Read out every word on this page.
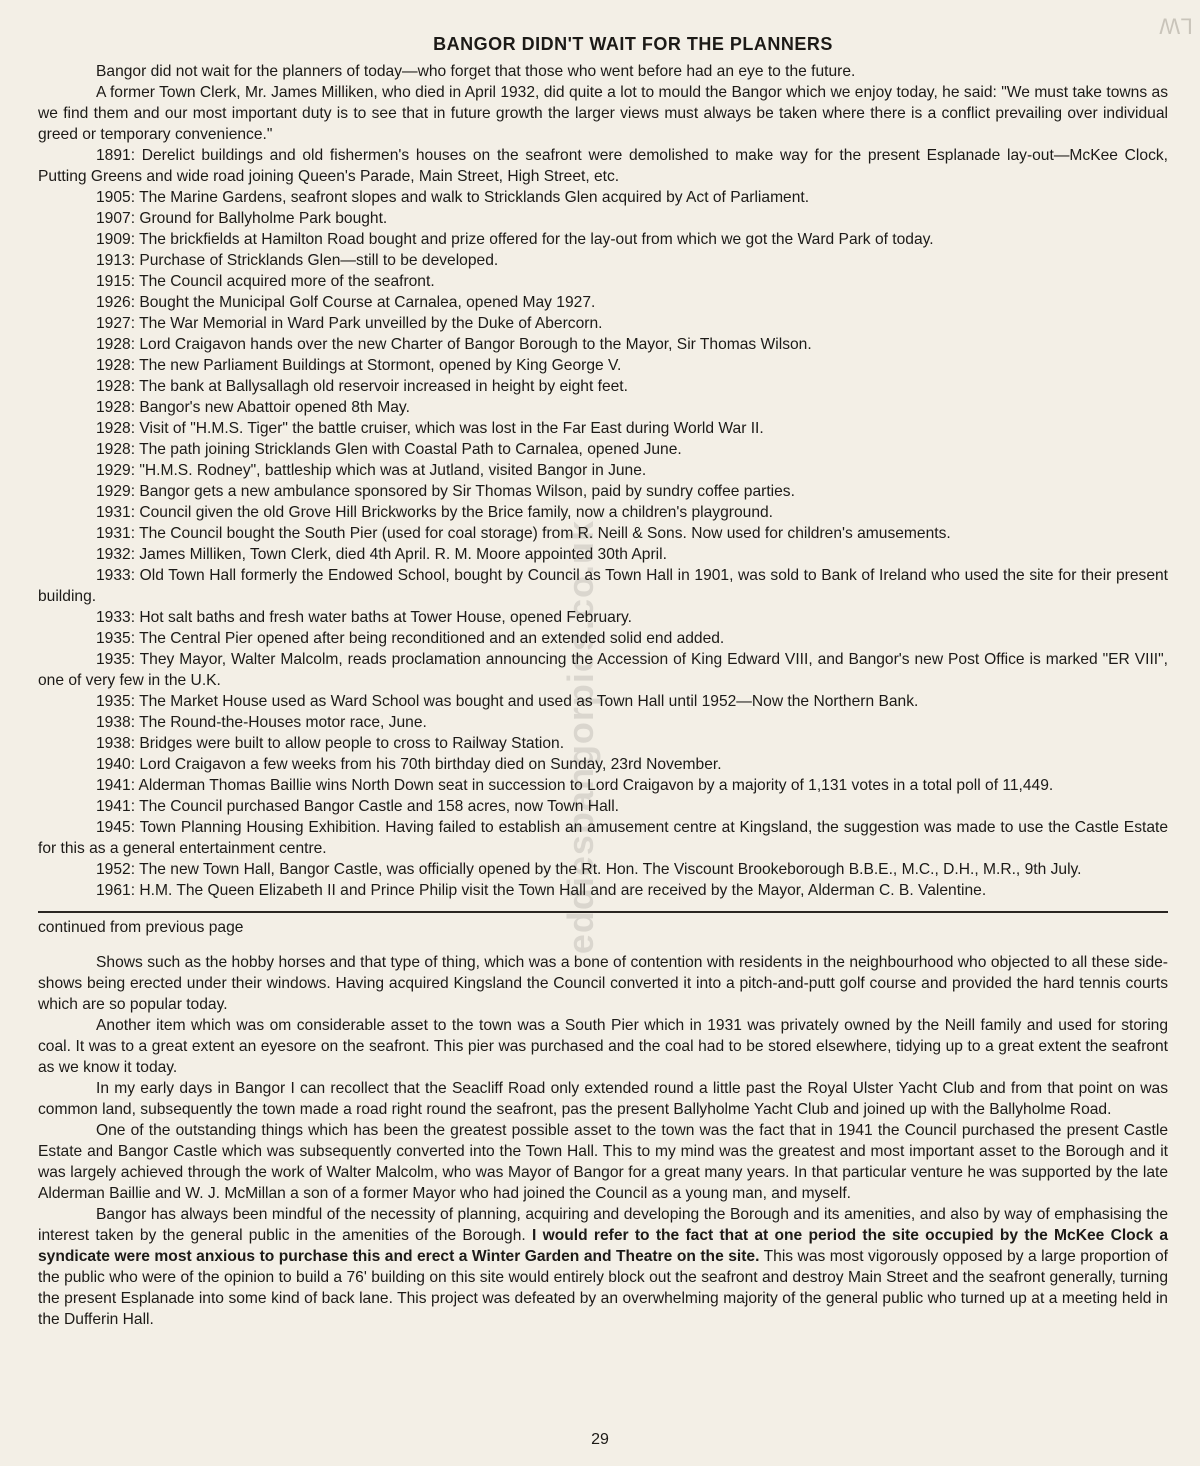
LW
eddiesbangorpics.co.uk
BANGOR DIDN'T WAIT FOR THE PLANNERS

Bangor did not wait for the planners of today—who forget that those who went before had an eye to the future.

A former Town Clerk, Mr. James Milliken, who died in April 1932, did quite a lot to mould the Bangor which we enjoy today, he said: "We must take towns as we find them and our most important duty is to see that in future growth the larger views must always be taken where there is a conflict prevailing over individual greed or temporary convenience."

1891: Derelict buildings and old fishermen's houses on the seafront were demolished to make way for the present Esplanade lay-out—McKee Clock, Putting Greens and wide road joining Queen's Parade, Main Street, High Street, etc.

1905: The Marine Gardens, seafront slopes and walk to Stricklands Glen acquired by Act of Parliament.

1907: Ground for Ballyholme Park bought.

1909: The brickfields at Hamilton Road bought and prize offered for the lay-out from which we got the Ward Park of today.

1913: Purchase of Stricklands Glen—still to be developed.

1915: The Council acquired more of the seafront.

1926: Bought the Municipal Golf Course at Carnalea, opened May 1927.

1927: The War Memorial in Ward Park unveilled by the Duke of Abercorn.

1928: Lord Craigavon hands over the new Charter of Bangor Borough to the Mayor, Sir Thomas Wilson.

1928: The new Parliament Buildings at Stormont, opened by King George V.

1928: The bank at Ballysallagh old reservoir increased in height by eight feet.

1928: Bangor's new Abattoir opened 8th May.

1928: Visit of "H.M.S. Tiger" the battle cruiser, which was lost in the Far East during World War II.

1928: The path joining Stricklands Glen with Coastal Path to Carnalea, opened June.

1929: "H.M.S. Rodney", battleship which was at Jutland, visited Bangor in June.

1929: Bangor gets a new ambulance sponsored by Sir Thomas Wilson, paid by sundry coffee parties.

1931: Council given the old Grove Hill Brickworks by the Brice family, now a children's playground.

1931: The Council bought the South Pier (used for coal storage) from R. Neill & Sons. Now used for children's amusements.

1932: James Milliken, Town Clerk, died 4th April. R. M. Moore appointed 30th April.

1933: Old Town Hall formerly the Endowed School, bought by Council as Town Hall in 1901, was sold to Bank of Ireland who used the site for their present building.

1933: Hot salt baths and fresh water baths at Tower House, opened February.

1935: The Central Pier opened after being reconditioned and an extended solid end added.

1935: They Mayor, Walter Malcolm, reads proclamation announcing the Accession of King Edward VIII, and Bangor's new Post Office is marked "ER VIII", one of very few in the U.K.

1935: The Market House used as Ward School was bought and used as Town Hall until 1952—Now the Northern Bank.

1938: The Round-the-Houses motor race, June.

1938: Bridges were built to allow people to cross to Railway Station.

1940: Lord Craigavon a few weeks from his 70th birthday died on Sunday, 23rd November.

1941: Alderman Thomas Baillie wins North Down seat in succession to Lord Craigavon by a majority of 1,131 votes in a total poll of 11,449.

1941: The Council purchased Bangor Castle and 158 acres, now Town Hall.

1945: Town Planning Housing Exhibition. Having failed to establish an amusement centre at Kingsland, the suggestion was made to use the Castle Estate for this as a general entertainment centre.

1952: The new Town Hall, Bangor Castle, was officially opened by the Rt. Hon. The Viscount Brookeborough B.B.E., M.C., D.H., M.R., 9th July.

1961: H.M. The Queen Elizabeth II and Prince Philip visit the Town Hall and are received by the Mayor, Alderman C. B. Valentine.

continued from previous page

Shows such as the hobby horses and that type of thing, which was a bone of contention with residents in the neighbourhood who objected to all these side-shows being erected under their windows. Having acquired Kingsland the Council converted it into a pitch-and-putt golf course and provided the hard tennis courts which are so popular today.

Another item which was om considerable asset to the town was a South Pier which in 1931 was privately owned by the Neill family and used for storing coal. It was to a great extent an eyesore on the seafront. This pier was purchased and the coal had to be stored elsewhere, tidying up to a great extent the seafront as we know it today.

In my early days in Bangor I can recollect that the Seacliff Road only extended round a little past the Royal Ulster Yacht Club and from that point on was common land, subsequently the town made a road right round the seafront, pas the present Ballyholme Yacht Club and joined up with the Ballyholme Road.

One of the outstanding things which has been the greatest possible asset to the town was the fact that in 1941 the Council purchased the present Castle Estate and Bangor Castle which was subsequently converted into the Town Hall. This to my mind was the greatest and most important asset to the Borough and it was largely achieved through the work of Walter Malcolm, who was Mayor of Bangor for a great many years. In that particular venture he was supported by the late Alderman Baillie and W. J. McMillan a son of a former Mayor who had joined the Council as a young man, and myself.

Bangor has always been mindful of the necessity of planning, acquiring and developing the Borough and its amenities, and also by way of emphasising the interest taken by the general public in the amenities of the Borough. I would refer to the fact that at one period the site occupied by the McKee Clock a syndicate were most anxious to purchase this and erect a Winter Garden and Theatre on the site. This was most vigorously opposed by a large proportion of the public who were of the opinion to build a 76' building on this site would entirely block out the seafront and destroy Main Street and the seafront generally, turning the present Esplanade into some kind of back lane. This project was defeated by an overwhelming majority of the general public who turned up at a meeting held in the Dufferin Hall.

29
